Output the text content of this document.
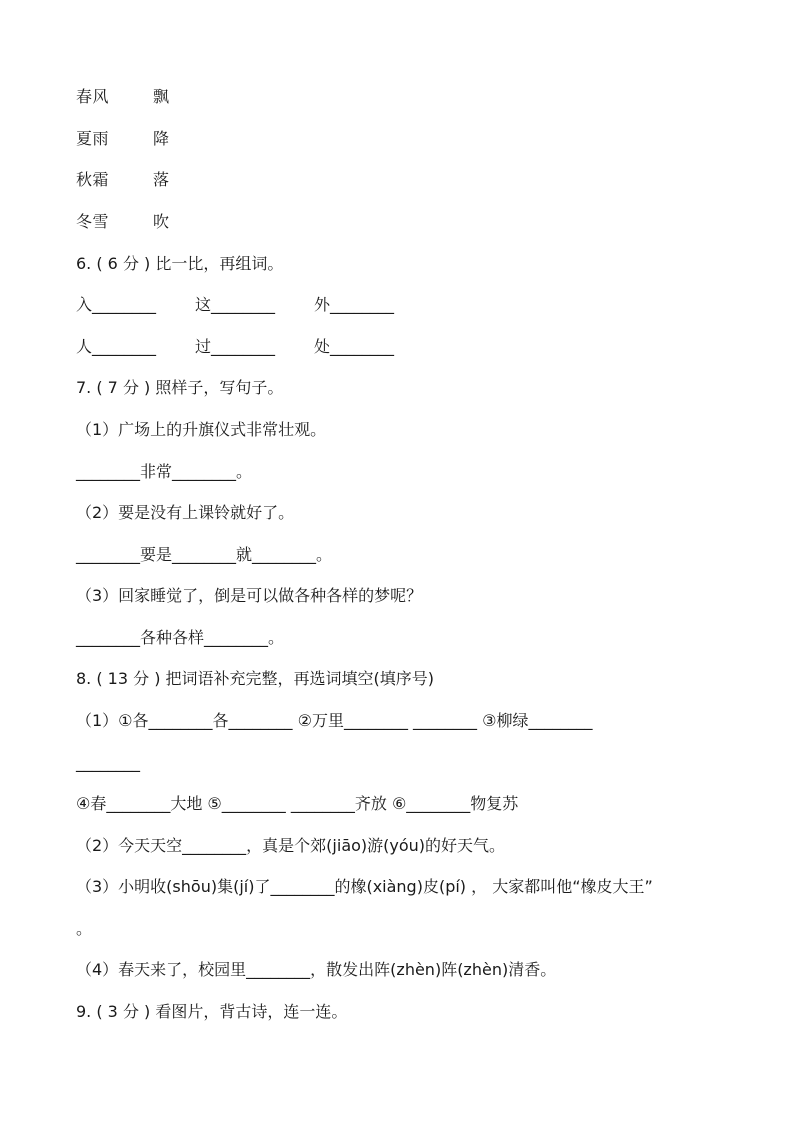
春风	飘
夏雨	降
秋霜	落
冬雪	吹
6. ( 6 分 ) 比一比，再组词。
入________	这________	外________
人________	过________	处________
7. ( 7 分 ) 照样子，写句子。
（1）广场上的升旗仪式非常壮观。
________非常________。
（2）要是没有上课铃就好了。
________要是________就________。
（3）回家睡觉了，倒是可以做各种各样的梦呢？
________各种各样________。
8. ( 13 分 ) 把词语补充完整，再选词填空(填序号)
（1）①各________各________ ②万里________ ________ ③柳绿________
________
④春________大地 ⑤________ ________齐放 ⑥________物复苏
（2）今天天空________，真是个郊(jiāo)游(yóu)的好天气。
（3）小明收(shōu)集(jí)了________的橡(xiàng)皮(pí) ， 大家都叫他“橡皮大王”
。
（4）春天来了，校园里________，散发出阵(zhèn)阵(zhèn)清香。
9. ( 3 分 ) 看图片，背古诗，连一连。
